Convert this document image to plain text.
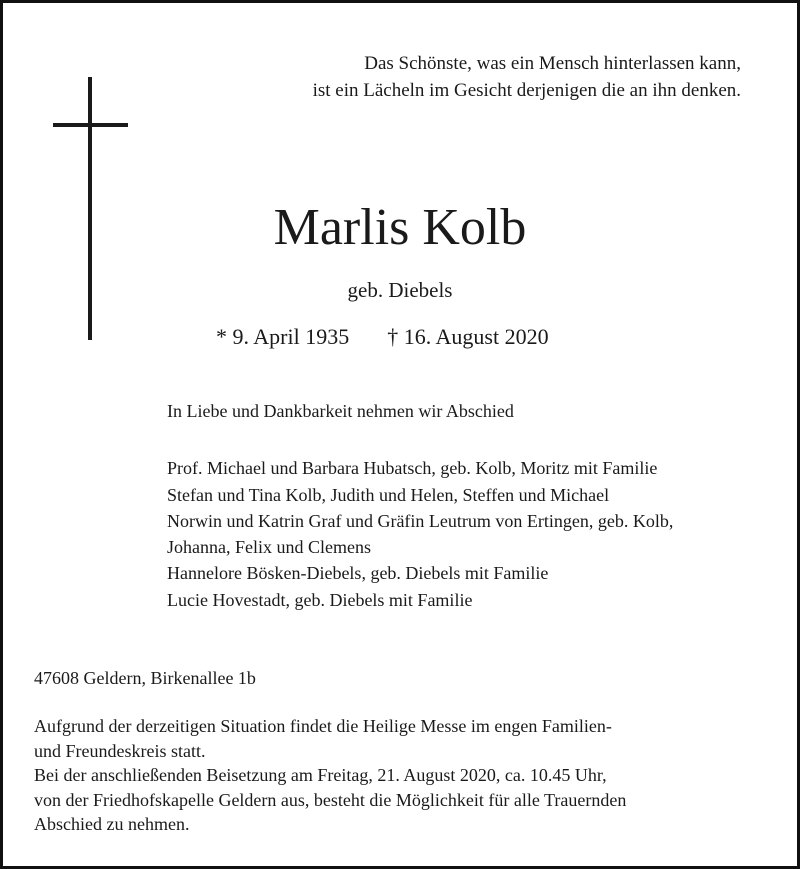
Das Schönste, was ein Mensch hinterlassen kann,
ist ein Lächeln im Gesicht derjenigen die an ihn denken.
Marlis Kolb
geb. Diebels
* 9. April 1935 † 16. August 2020
In Liebe und Dankbarkeit nehmen wir Abschied
Prof. Michael und Barbara Hubatsch, geb. Kolb, Moritz mit Familie
Stefan und Tina Kolb, Judith und Helen, Steffen und Michael
Norwin und Katrin Graf und Gräfin Leutrum von Ertingen, geb. Kolb,
Johanna, Felix und Clemens
Hannelore Bösken-Diebels, geb. Diebels mit Familie
Lucie Hovestadt, geb. Diebels mit Familie
47608 Geldern, Birkenallee 1b
Aufgrund der derzeitigen Situation findet die Heilige Messe im engen Familien-
und Freundeskreis statt.
Bei der anschließenden Beisetzung am Freitag, 21. August 2020, ca. 10.45 Uhr,
von der Friedhofskapelle Geldern aus, besteht die Möglichkeit für alle Trauernden
Abschied zu nehmen.
